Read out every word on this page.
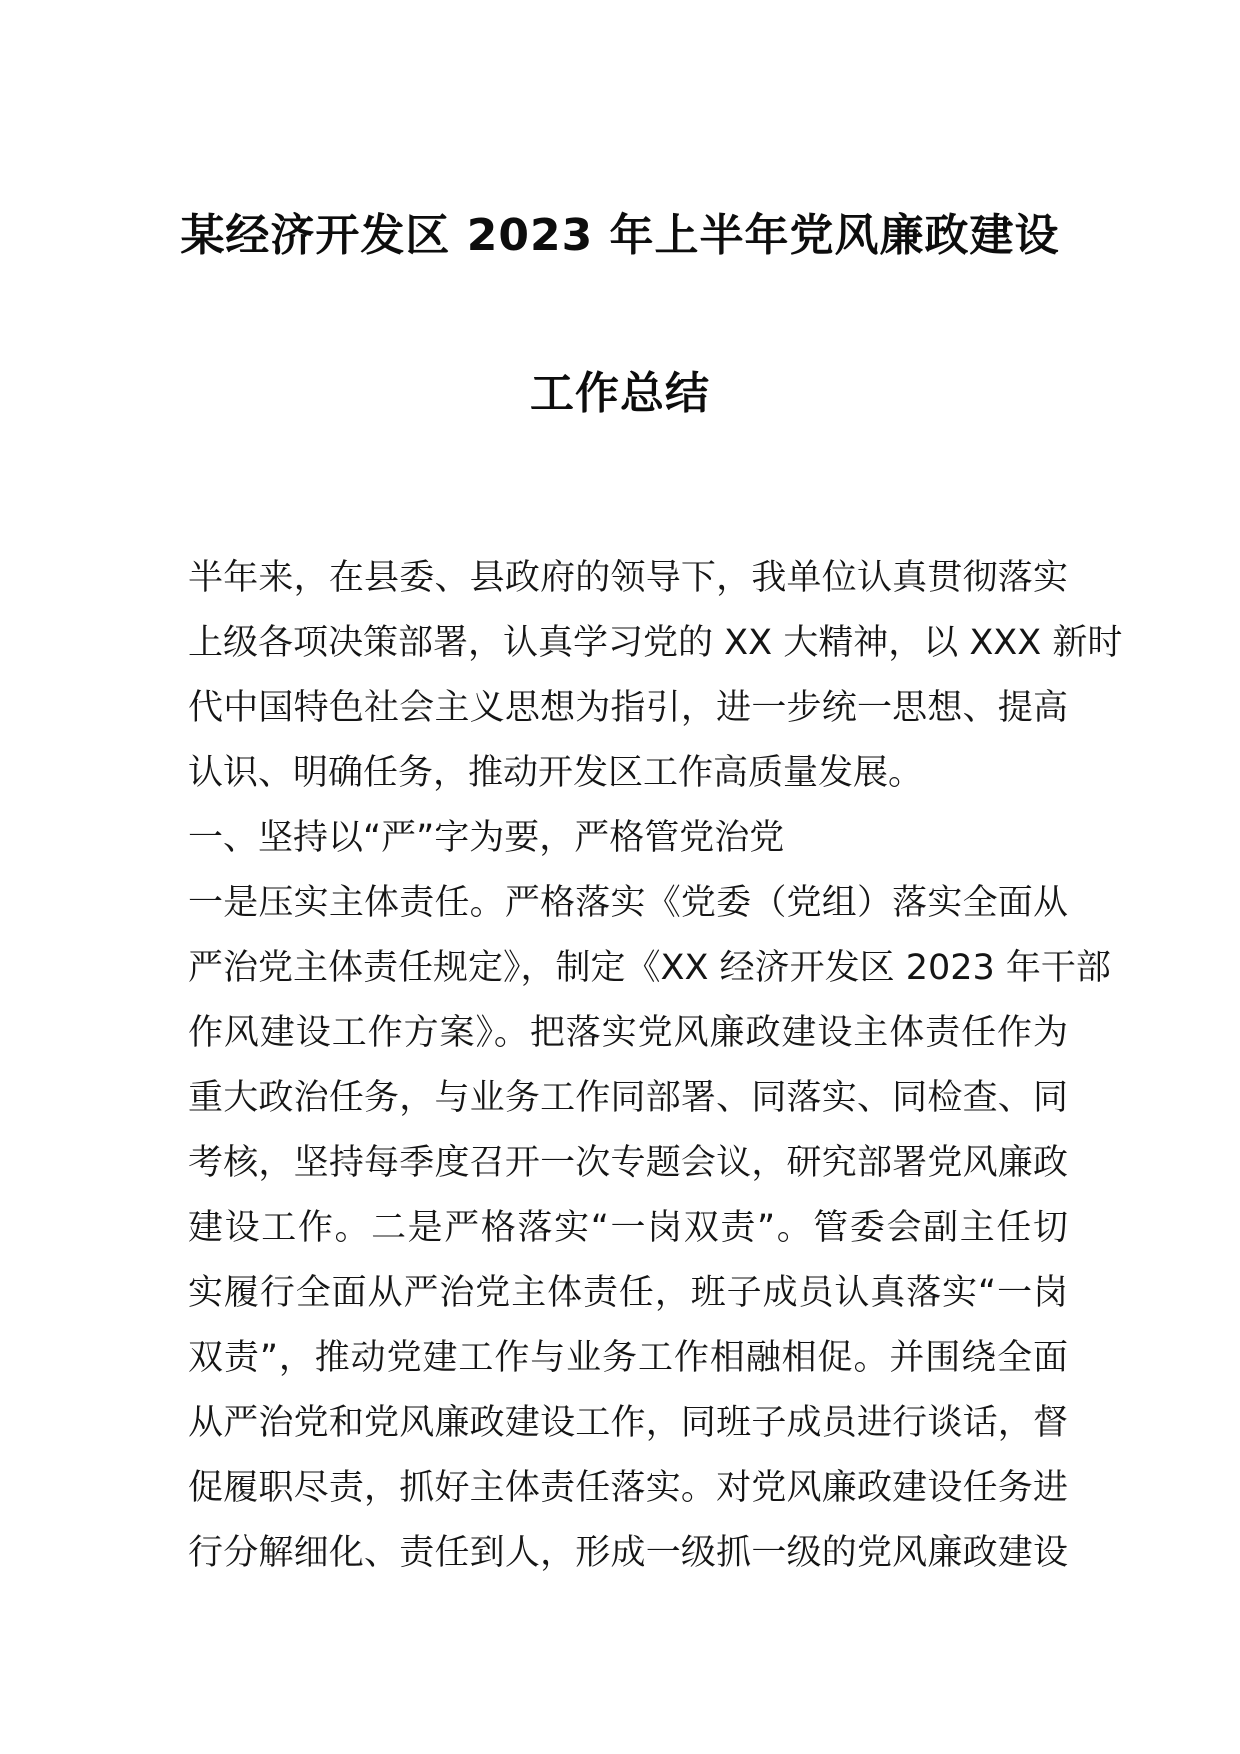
某经济开发区 2023 年上半年党风廉政建设
工作总结
半年来，在县委、县政府的领导下，我单位认真贯彻落实
上级各项决策部署，认真学习党的 XX 大精神，以 XXX 新时
代中国特色社会主义思想为指引，进一步统一思想、提高
认识、明确任务，推动开发区工作高质量发展。
一、坚持以“严”字为要，严格管党治党
一是压实主体责任。严格落实《党委（党组）落实全面从
严治党主体责任规定》，制定《XX 经济开发区 2023 年干部
作风建设工作方案》。把落实党风廉政建设主体责任作为
重大政治任务，与业务工作同部署、同落实、同检查、同
考核，坚持每季度召开一次专题会议，研究部署党风廉政
建设工作。二是严格落实“一岗双责”。管委会副主任切
实履行全面从严治党主体责任，班子成员认真落实“一岗
双责”，推动党建工作与业务工作相融相促。并围绕全面
从严治党和党风廉政建设工作，同班子成员进行谈话，督
促履职尽责，抓好主体责任落实。对党风廉政建设任务进
行分解细化、责任到人，形成一级抓一级的党风廉政建设
